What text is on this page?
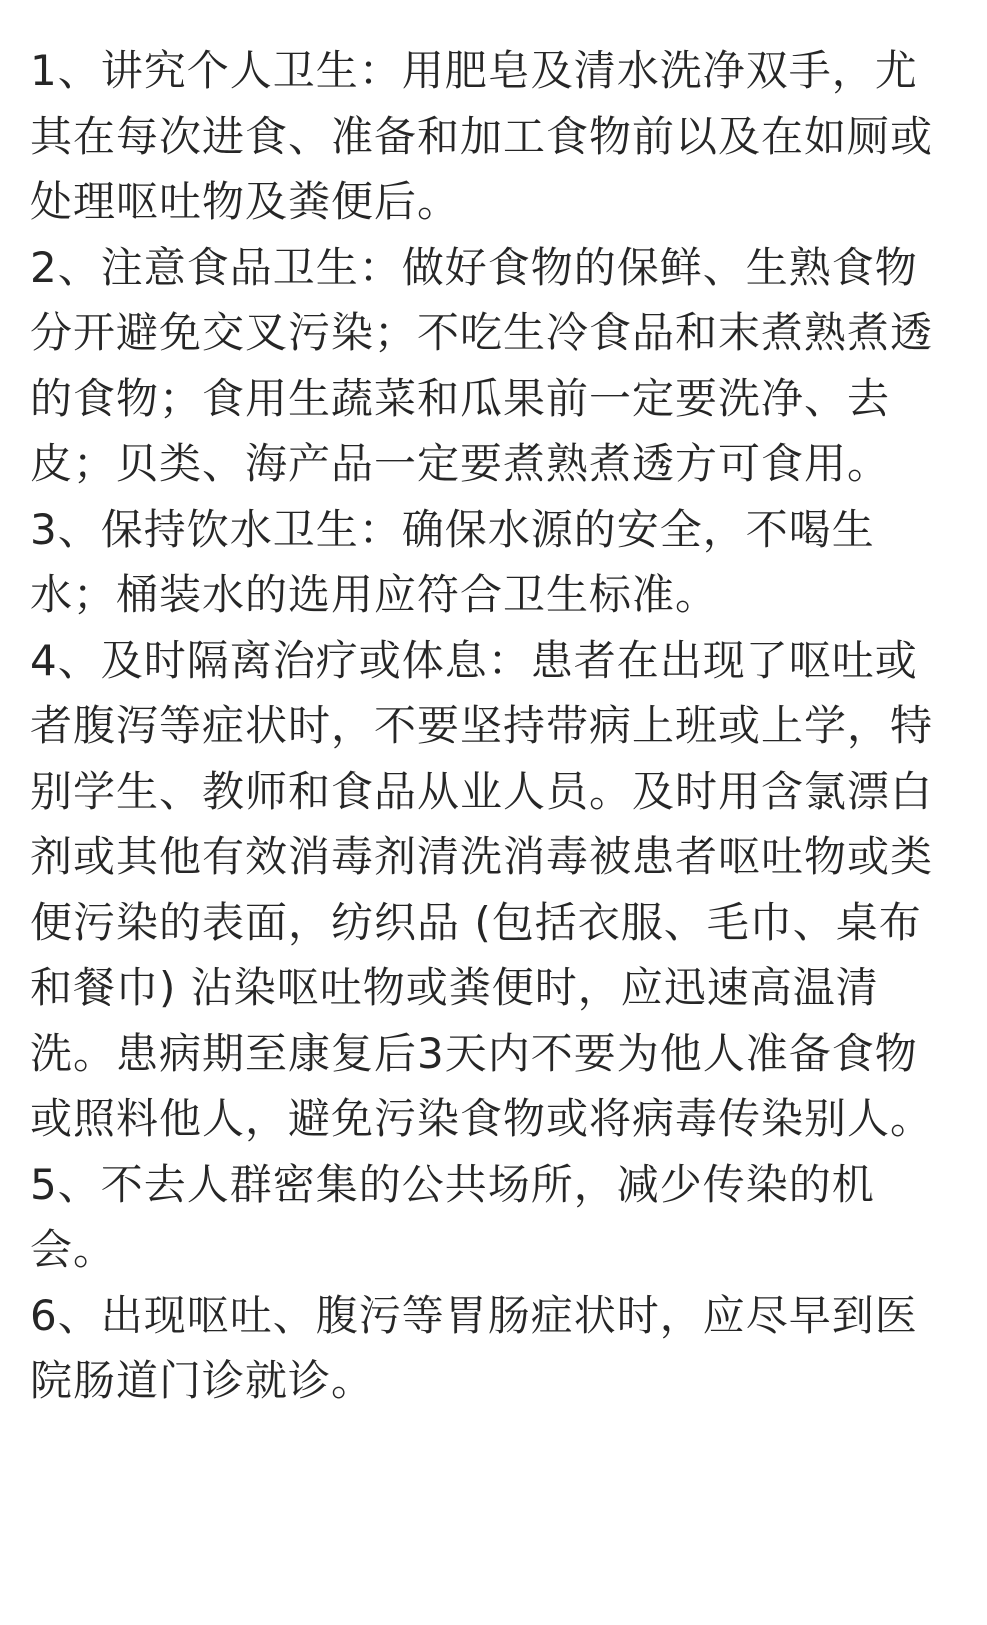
1、讲究个人卫生：用肥皂及清水洗净双手，尤其在每次进食、准备和加工食物前以及在如厕或处理呕吐物及粪便后。

2、注意食品卫生：做好食物的保鲜、生熟食物分开避免交叉污染；不吃生冷食品和末煮熟煮透的食物；食用生蔬菜和瓜果前一定要洗净、去皮；贝类、海产品一定要煮熟煮透方可食用。

3、保持饮水卫生：确保水源的安全，不喝生水；桶装水的选用应符合卫生标准。

4、及时隔离治疗或体息：患者在出现了呕吐或者腹泻等症状时，不要坚持带病上班或上学，特别学生、教师和食品从业人员。及时用含氯漂白剂或其他有效消毒剂清洗消毒被患者呕吐物或类便污染的表面，纺织品 (包括衣服、毛巾、桌布和餐巾) 沾染呕吐物或粪便时，应迅速高温清洗。患病期至康复后3天内不要为他人准备食物或照料他人，避免污染食物或将病毒传染别人。

5、不去人群密集的公共场所，减少传染的机会。

6、出现呕吐、腹污等胃肠症状时，应尽早到医院肠道门诊就诊。
